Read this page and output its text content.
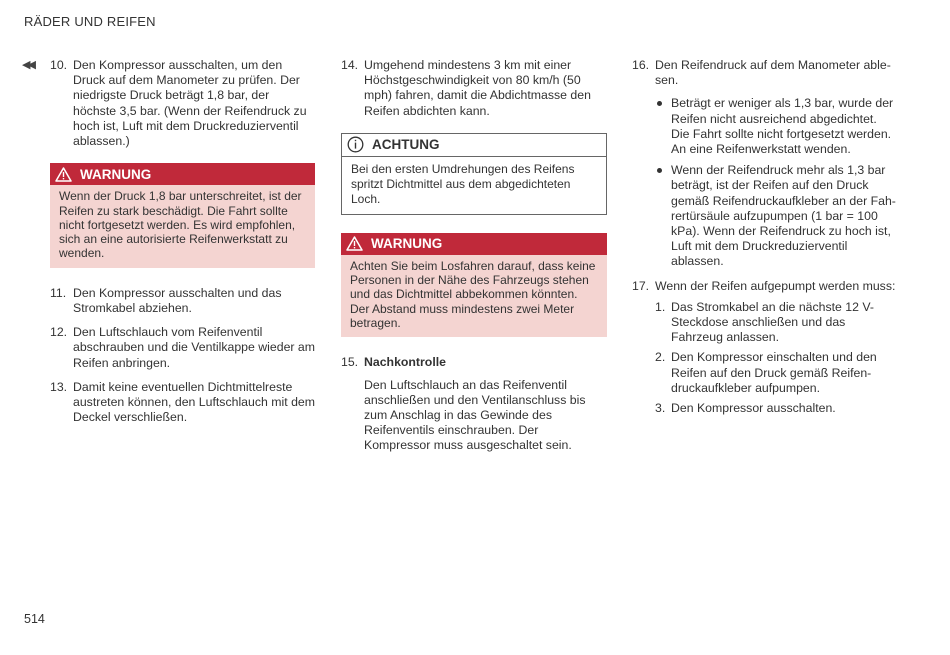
RÄDER UND REIFEN
◀◀ 10. Den Kompressor ausschalten, um den Druck auf dem Manometer zu prüfen. Der niedrigste Druck beträgt 1,8 bar, der höchste 3,5 bar. (Wenn der Reifendruck zu hoch ist, Luft mit dem Druckreduzierventil ablassen.)
WARNUNG
Wenn der Druck 1,8 bar unterschreitet, ist der Reifen zu stark beschädigt. Die Fahrt sollte nicht fortgesetzt werden. Es wird empfohlen, sich an eine autorisierte Reifenwerkstatt zu wenden.
11. Den Kompressor ausschalten und das Stromkabel abziehen.
12. Den Luftschlauch vom Reifenventil abschrauben und die Ventilkappe wieder am Reifen anbringen.
13. Damit keine eventuellen Dichtmittelreste austreten können, den Luftschlauch mit dem Deckel verschließen.
14. Umgehend mindestens 3 km mit einer Höchstgeschwindigkeit von 80 km/h (50 mph) fahren, damit die Abdichtmasse den Reifen abdichten kann.
ACHTUNG
Bei den ersten Umdrehungen des Reifens spritzt Dichtmittel aus dem abgedichteten Loch.
WARNUNG
Achten Sie beim Losfahren darauf, dass keine Personen in der Nähe des Fahrzeugs stehen und das Dichtmittel abbekommen könnten. Der Abstand muss mindestens zwei Meter betragen.
15. Nachkontrolle
Den Luftschlauch an das Reifenventil anschließen und den Ventilanschluss bis zum Anschlag in das Gewinde des Reifenventils einschrauben. Der Kompressor muss ausgeschaltet sein.
16. Den Reifendruck auf dem Manometer ablesen.
Beträgt er weniger als 1,3 bar, wurde der Reifen nicht ausreichend abgedichtet. Die Fahrt sollte nicht fortgesetzt werden. An eine Reifenwerkstatt wenden.
Wenn der Reifendruck mehr als 1,3 bar beträgt, ist der Reifen auf den Druck gemäß Reifendruckaufkleber an der Fahrertürsäule aufzupumpen (1 bar = 100 kPa). Wenn der Reifendruck zu hoch ist, Luft mit dem Druckreduzierventil ablassen.
17. Wenn der Reifen aufgepumpt werden muss:
1. Das Stromkabel an die nächste 12 V-Steckdose anschließen und das Fahrzeug anlassen.
2. Den Kompressor einschalten und den Reifen auf den Druck gemäß Reifendruckaufkleber aufpumpen.
3. Den Kompressor ausschalten.
514
